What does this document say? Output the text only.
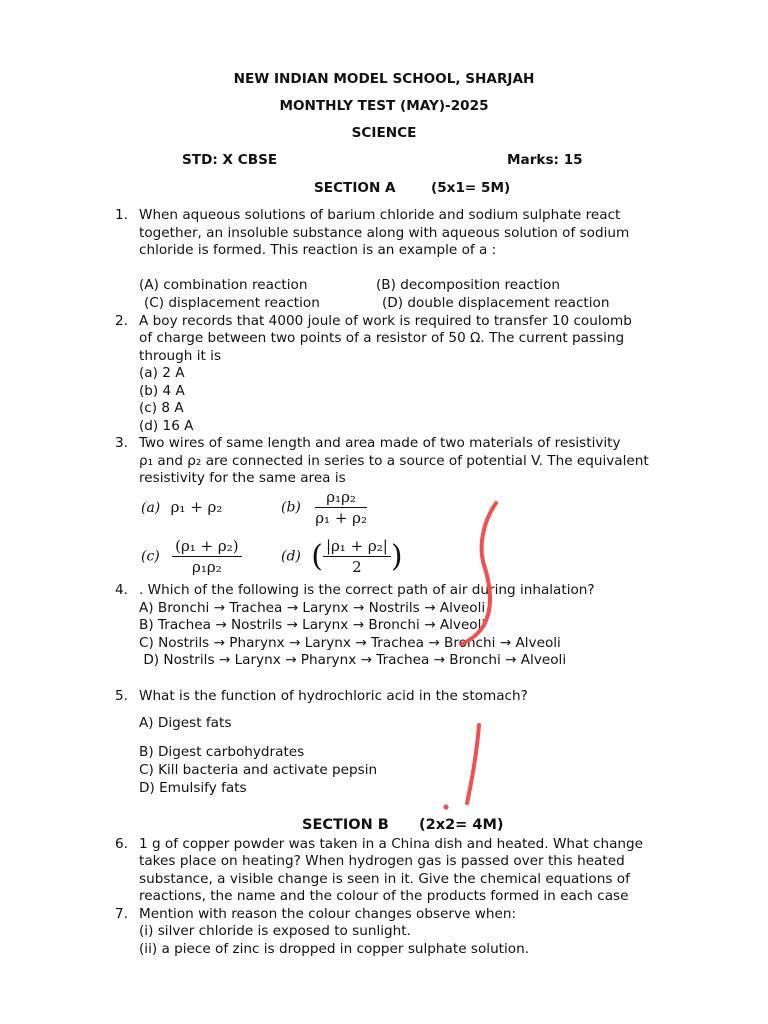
NEW INDIAN MODEL SCHOOL, SHARJAH
MONTHLY TEST (MAY)-2025
SCIENCE
STD: X CBSE	Marks: 15
SECTION A	(5x1= 5M)
1. When aqueous solutions of barium chloride and sodium sulphate react
together, an insoluble substance along with aqueous solution of sodium
chloride is formed. This reaction is an example of a :
(A) combination reaction	(B) decomposition reaction
(C) displacement reaction	(D) double displacement reaction
2. A boy records that 4000 joule of work is required to transfer 10 coulomb
of charge between two points of a resistor of 50 Ω. The current passing
through it is
(a) 2 A
(b) 4 A
(c) 8 A
(d) 16 A
3. Two wires of same length and area made of two materials of resistivity
ρ₁ and ρ₂ are connected in series to a source of potential V. The equivalent
resistivity for the same area is
(a) ρ₁ + ρ₂	$(b) \frac{\text{ρ₁ρ₂}}{\text{ρ₁ + ρ₂}}$
$(c) \frac{\text{(ρ₁ + ρ₂)}}{\text{ρ₁ρ₂}}$	(d) ( $\frac{\text{|ρ₁ + ρ₂|}}{2}$ )
4. . Which of the following is the correct path of air during inhalation?
A) Bronchi → Trachea → Larynx → Nostrils → Alveoli
B) Trachea → Nostrils → Larynx → Bronchi → Alveoli
C) Nostrils → Pharynx → Larynx → Trachea → Bronchi → Alveoli
D) Nostrils → Larynx → Pharynx → Trachea → Bronchi → Alveoli
5. What is the function of hydrochloric acid in the stomach?
A) Digest fats
B) Digest carbohydrates
C) Kill bacteria and activate pepsin
D) Emulsify fats
SECTION B (2x2= 4M)
6. 1 g of copper powder was taken in a China dish and heated. What change
takes place on heating? When hydrogen gas is passed over this heated
substance, a visible change is seen in it. Give the chemical equations of
reactions, the name and the colour of the products formed in each case
7. Mention with reason the colour changes observe when:
(i) silver chloride is exposed to sunlight.
(ii) a piece of zinc is dropped in copper sulphate solution.
